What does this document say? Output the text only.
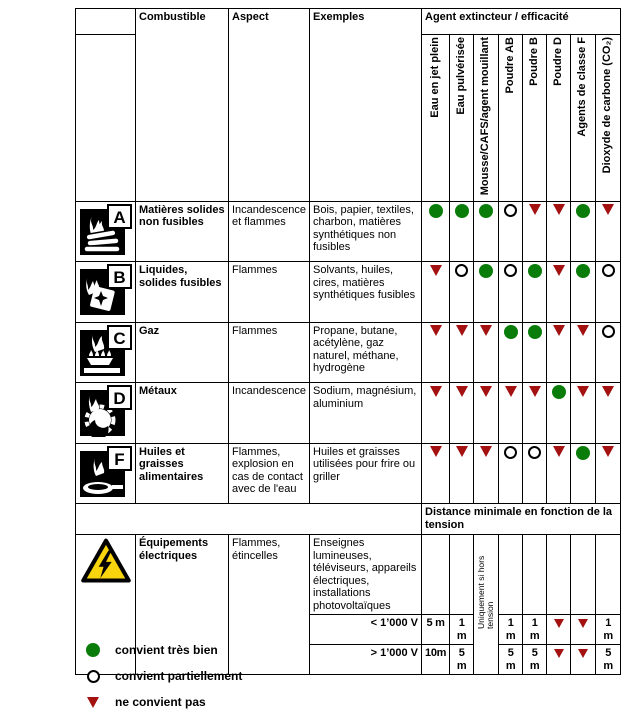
	Combustible	Aspect	Exemples	Agent extincteur / efficacité							
				Eau en jet plein	Eau pulvérisée	Mousse/CAFS/agent mouillant	Poudre AB	Poudre B	Poudre D	Agents de classe F	Dioxyde de carbone (CO₂)

A	Matières solides non fusibles	Incandescence et flammes	Bois, papier, textiles, charbon, matières synthétiques non fusibles								

B	Liquides, solides fusibles	Flammes	Solvants, huiles, cires, matières synthétiques fusibles								

C	Gaz	Flammes	Propane, butane, acétylène, gaz naturel, méthane, hydrogène								

D	Métaux	Incandescence	Sodium, magnésium, aluminium								

F	Huiles et graisses alimentaires	Flammes, explosion en cas de contact avec de l'eau	Huiles et graisses utilisées pour frire ou griller								
				Distance minimale en fonction de la tension							
	Équipements électriques	Flammes, étincelles	Enseignes lumineuses, téléviseurs, appareils électriques, installations photovoltaïques			Uniquement si hors tension					
			< 1’000 V	5 m	1 m		1 m	1 m			1 m
			> 1’000 V	10m	5 m		5 m	5 m			5 m
convient très bien
convient partiellement
ne convient pas
